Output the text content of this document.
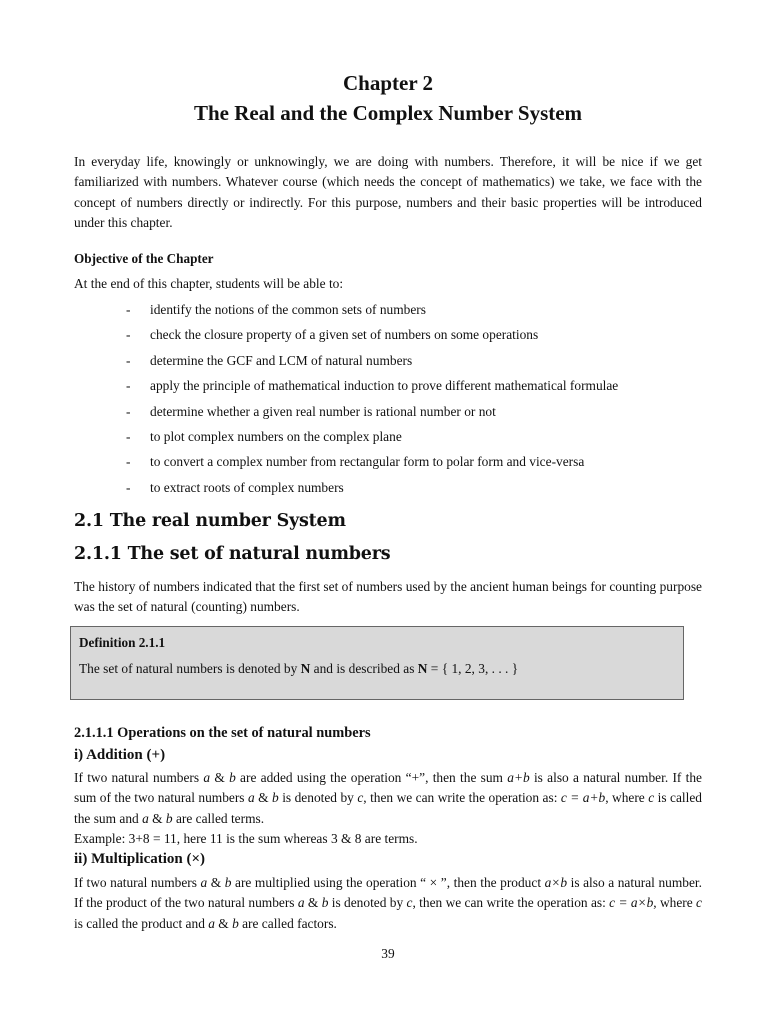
Chapter 2
The Real and the Complex Number System
In everyday life, knowingly or unknowingly, we are doing with numbers. Therefore, it will be nice if we get familiarized with numbers. Whatever course (which needs the concept of mathematics) we take, we face with the concept of numbers directly or indirectly. For this purpose, numbers and their basic properties will be introduced under this chapter.
Objective of the Chapter
At the end of this chapter, students will be able to:
- identify the notions of the common sets of numbers
- check the closure property of a given set of numbers on some operations
- determine the GCF and LCM of natural numbers
- apply the principle of mathematical induction to prove different mathematical formulae
- determine whether a given real number is rational number or not
- to plot complex numbers on the complex plane
- to convert a complex number from rectangular form to polar form and vice-versa
- to extract roots of complex numbers
2.1 The real number System
2.1.1 The set of natural numbers
The history of numbers indicated that the first set of numbers used by the ancient human beings for counting purpose was the set of natural (counting) numbers.
Definition 2.1.1
The set of natural numbers is denoted by N and is described as N = { 1, 2, 3, . . . }
2.1.1.1 Operations on the set of natural numbers
i) Addition (+)
If two natural numbers a & b are added using the operation “+”, then the sum a+b is also a natural number. If the sum of the two natural numbers a & b is denoted by c, then we can write the operation as: c = a+b, where c is called the sum and a & b are called terms.
Example: 3+8 = 11, here 11 is the sum whereas 3 & 8 are terms.
ii) Multiplication (×)
If two natural numbers a & b are multiplied using the operation “ × ”, then the product a×b is also a natural number. If the product of the two natural numbers a & b is denoted by c, then we can write the operation as: c = a×b, where c is called the product and a & b are called factors.
39
